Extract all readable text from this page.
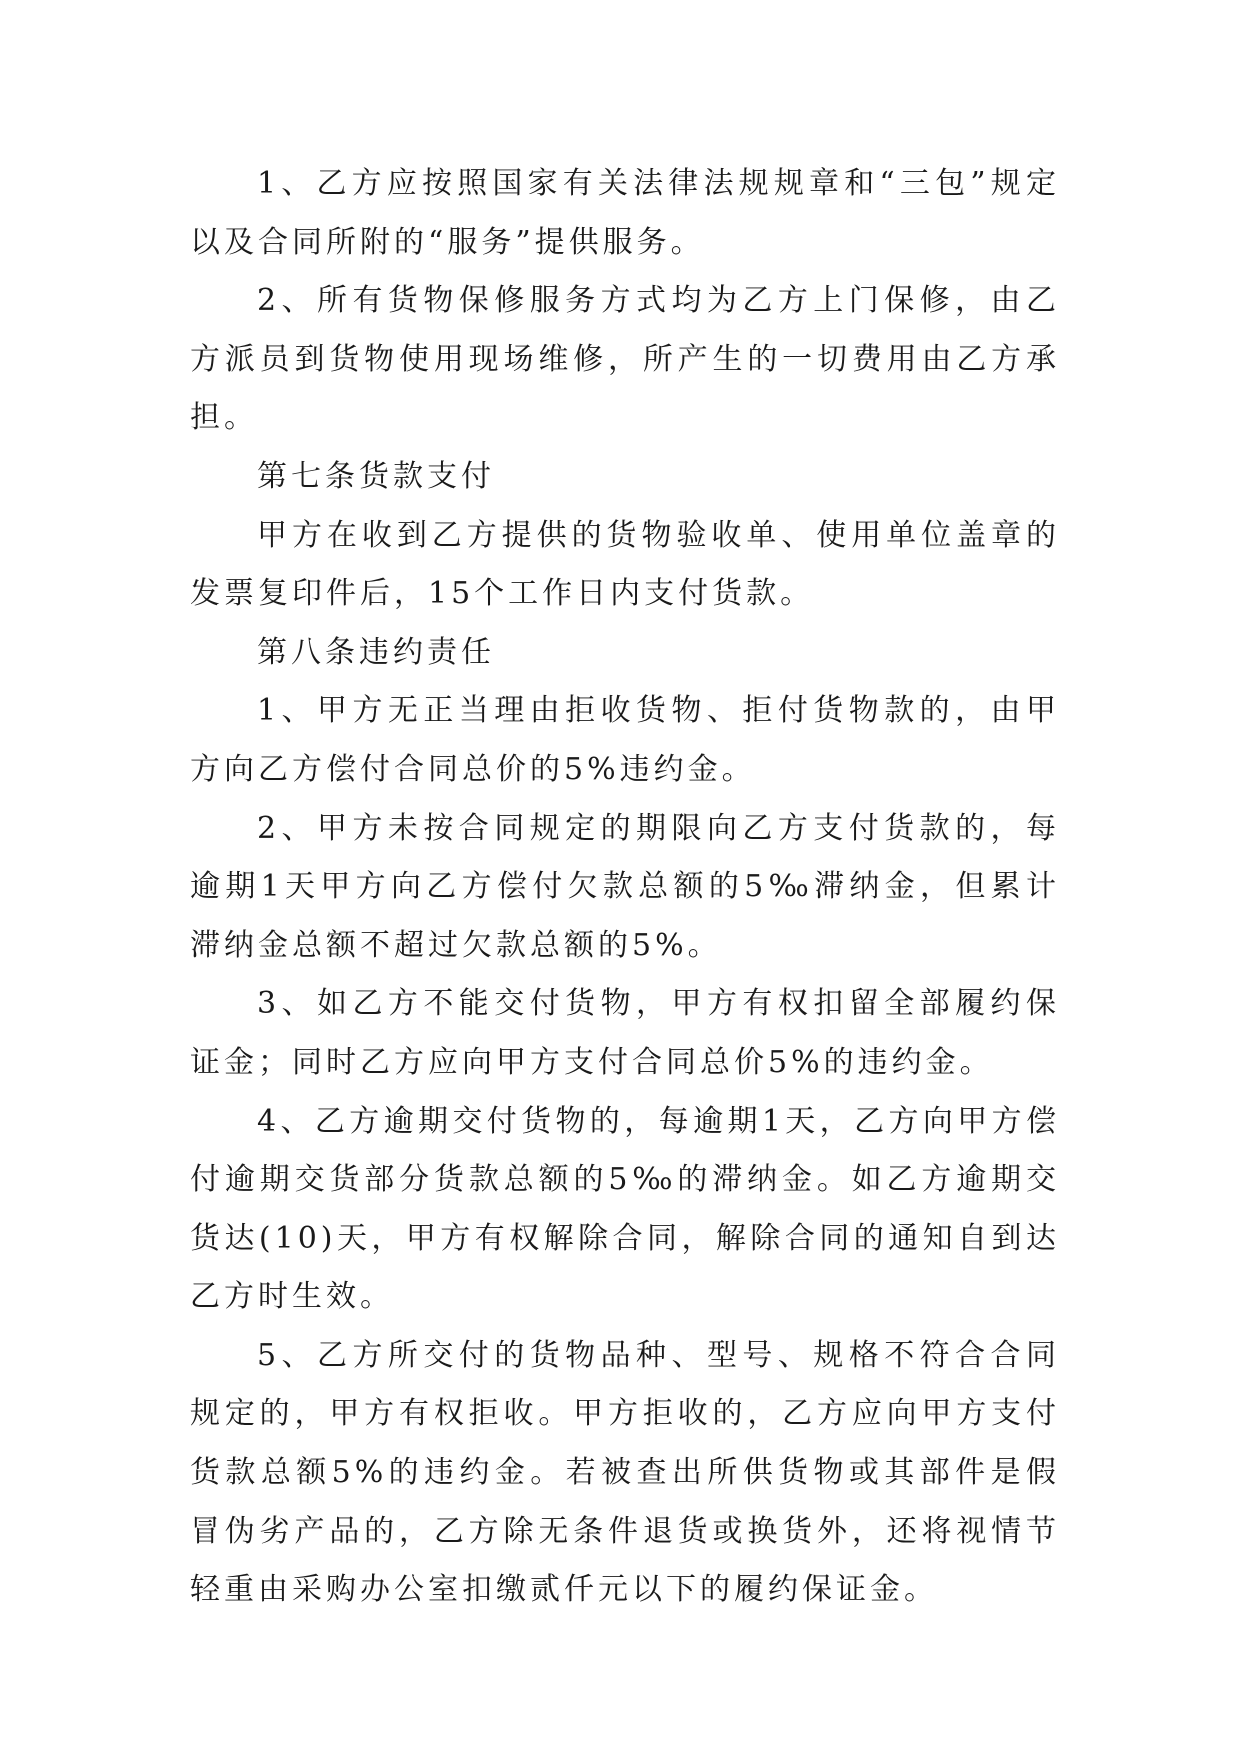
1、乙方应按照国家有关法律法规规章和“三包”规定以及合同所附的“服务”提供服务。

2、所有货物保修服务方式均为乙方上门保修，由乙方派员到货物使用现场维修，所产生的一切费用由乙方承担。

第七条货款支付

甲方在收到乙方提供的货物验收单、使用单位盖章的发票复印件后，15个工作日内支付货款。

第八条违约责任

1、甲方无正当理由拒收货物、拒付货物款的，由甲方向乙方偿付合同总价的5%违约金。

2、甲方未按合同规定的期限向乙方支付货款的，每逾期1天甲方向乙方偿付欠款总额的5‰滞纳金，但累计滞纳金总额不超过欠款总额的5%。

3、如乙方不能交付货物，甲方有权扣留全部履约保证金；同时乙方应向甲方支付合同总价5%的违约金。

4、乙方逾期交付货物的，每逾期1天，乙方向甲方偿付逾期交货部分货款总额的5‰的滞纳金。如乙方逾期交货达(10)天，甲方有权解除合同，解除合同的通知自到达乙方时生效。

5、乙方所交付的货物品种、型号、规格不符合合同规定的，甲方有权拒收。甲方拒收的，乙方应向甲方支付货款总额5%的违约金。若被查出所供货物或其部件是假冒伪劣产品的，乙方除无条件退货或换货外，还将视情节轻重由采购办公室扣缴贰仟元以下的履约保证金。
